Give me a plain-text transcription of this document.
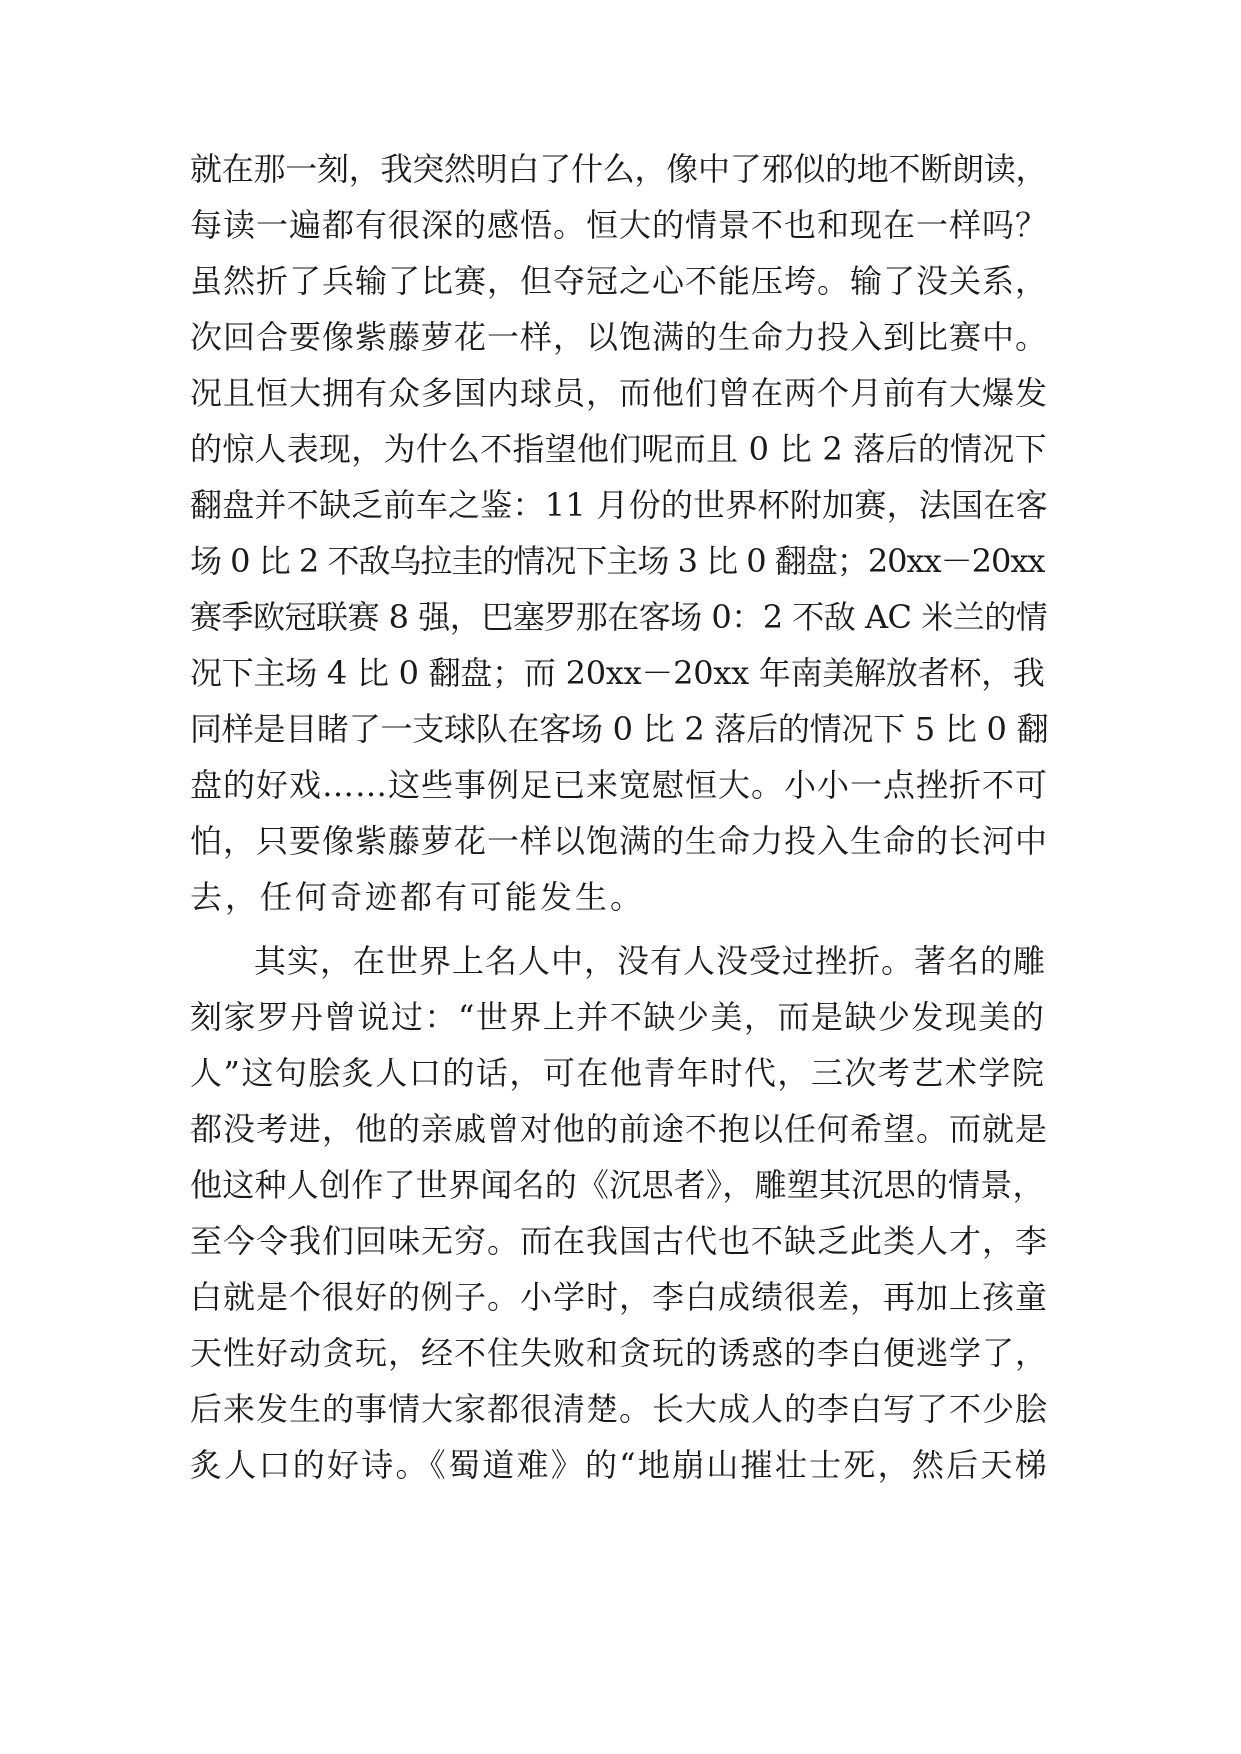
就在那一刻，我突然明白了什么，像中了邪似的地不断朗读，
每读一遍都有很深的感悟。恒大的情景不也和现在一样吗？
虽然折了兵输了比赛，但夺冠之心不能压垮。输了没关系，
次回合要像紫藤萝花一样，以饱满的生命力投入到比赛中。
况且恒大拥有众多国内球员，而他们曾在两个月前有大爆发
的惊人表现，为什么不指望他们呢而且 0 比 2 落后的情况下
翻盘并不缺乏前车之鉴：11 月份的世界杯附加赛，法国在客
场 0 比 2 不敌乌拉圭的情况下主场 3 比 0 翻盘；20xx－20xx
赛季欧冠联赛 8 强，巴塞罗那在客场 0：2 不敌 AC 米兰的情
况下主场 4 比 0 翻盘；而 20xx－20xx 年南美解放者杯，我
同样是目睹了一支球队在客场 0 比 2 落后的情况下 5 比 0 翻
盘的好戏……这些事例足已来宽慰恒大。小小一点挫折不可
怕，只要像紫藤萝花一样以饱满的生命力投入生命的长河中
去，任何奇迹都有可能发生。
其实，在世界上名人中，没有人没受过挫折。著名的雕
刻家罗丹曾说过：“世界上并不缺少美，而是缺少发现美的
人”这句脍炙人口的话，可在他青年时代，三次考艺术学院
都没考进，他的亲戚曾对他的前途不抱以任何希望。而就是
他这种人创作了世界闻名的《沉思者》，雕塑其沉思的情景，
至今令我们回味无穷。而在我国古代也不缺乏此类人才，李
白就是个很好的例子。小学时，李白成绩很差，再加上孩童
天性好动贪玩，经不住失败和贪玩的诱惑的李白便逃学了，
后来发生的事情大家都很清楚。长大成人的李白写了不少脍
炙人口的好诗。《蜀道难》的“地崩山摧壮士死，然后天梯
